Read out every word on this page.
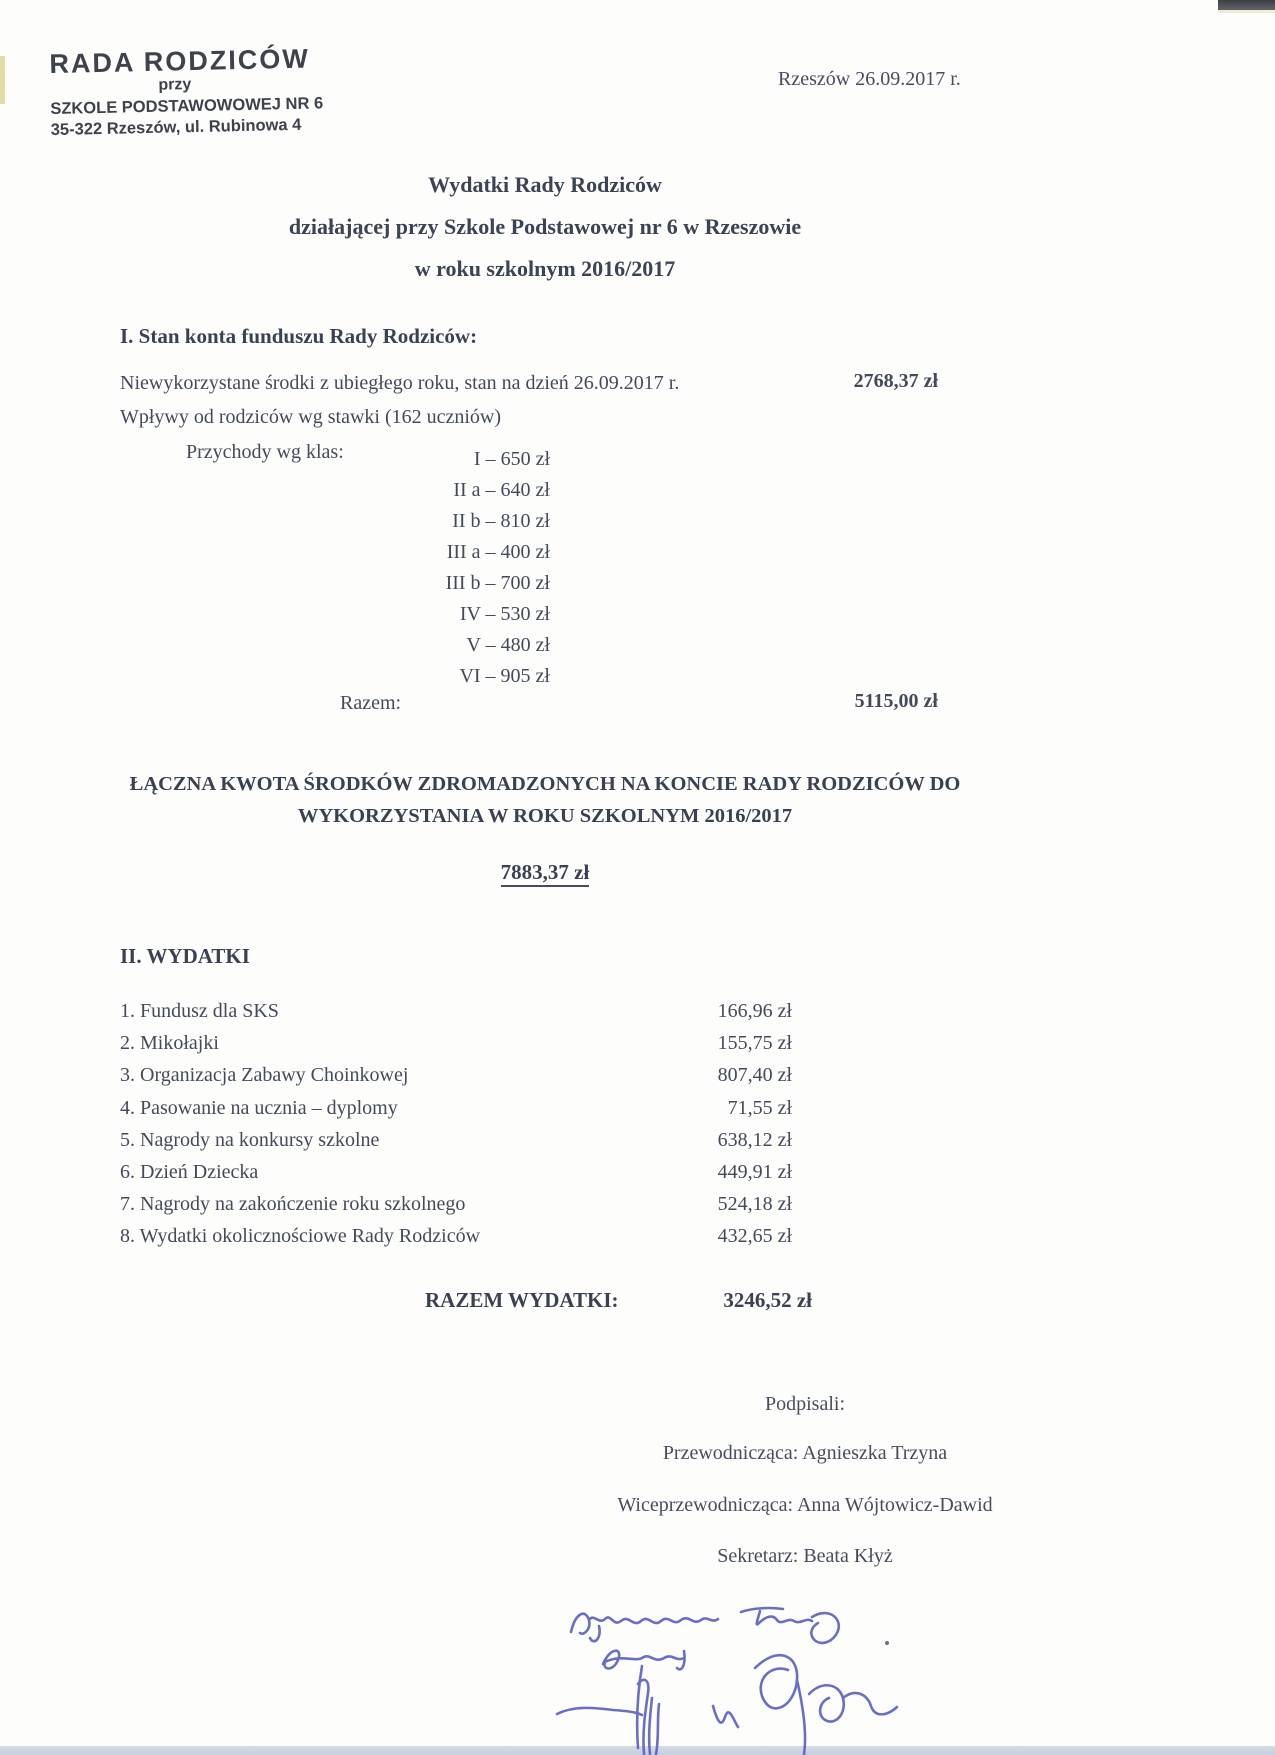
RADA RODZICÓW
przy
SZKOLE PODSTAWOWOWEJ NR 6
35-322 Rzeszów, ul. Rubinowa 4
Rzeszów 26.09.2017 r.
Wydatki Rady Rodziców
działającej przy Szkole Podstawowej nr 6 w Rzeszowie
w roku szkolnym 2016/2017
I. Stan konta funduszu Rady Rodziców:
Niewykorzystane środki z ubiegłego roku, stan na dzień 26.09.2017 r.	2768,37 zł
Wpływy od rodziców wg stawki (162 uczniów)
Przychody wg klas:	I – 650 zł
II a – 640 zł
II b – 810 zł
III a – 400 zł
III b – 700 zł
IV – 530 zł
V – 480 zł
VI – 905 zł
Razem:	5115,00 zł
ŁĄCZNA KWOTA ŚRODKÓW ZDROMADZONYCH NA KONCIE RADY RODZICÓW DO
WYKORZYSTANIA W ROKU SZKOLNYM 2016/2017
7883,37 zł
II. WYDATKI
1. Fundusz dla SKS	166,96 zł
2. Mikołajki	155,75 zł
3. Organizacja Zabawy Choinkowej	807,40 zł
4. Pasowanie na ucznia – dyplomy	71,55 zł
5. Nagrody na konkursy szkolne	638,12 zł
6. Dzień Dziecka	449,91 zł
7. Nagrody na zakończenie roku szkolnego	524,18 zł
8. Wydatki okolicznościowe Rady Rodziców	432,65 zł
RAZEM WYDATKI:	3246,52 zł
Podpisali:
Przewodnicząca: Agnieszka Trzyna
Wiceprzewodnicząca: Anna Wójtowicz-Dawid
Sekretarz: Beata Kłyż
